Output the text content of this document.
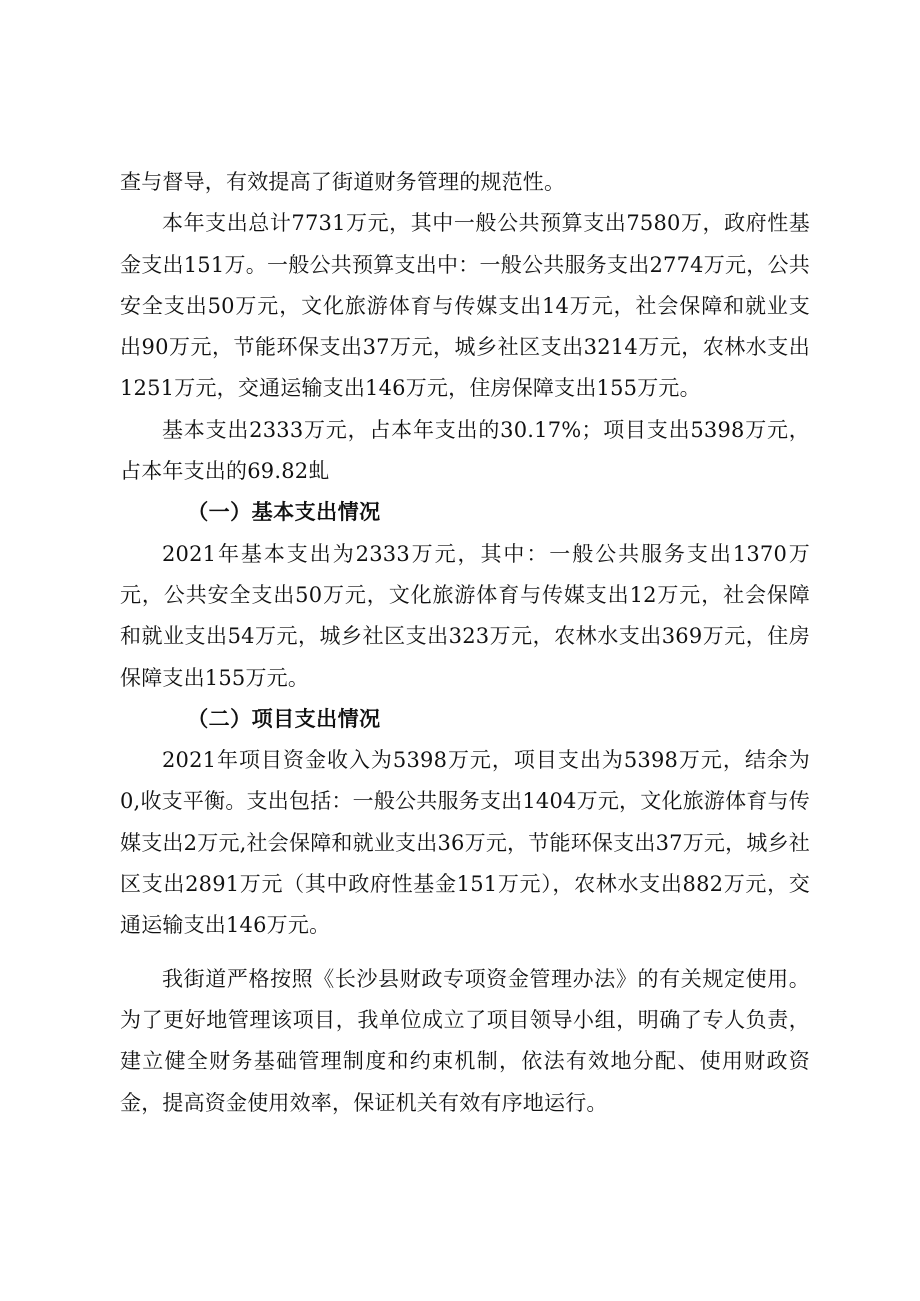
查与督导，有效提高了街道财务管理的规范性。

本年支出总计7731万元，其中一般公共预算支出7580万，政府性基金支出151万。一般公共预算支出中：一般公共服务支出2774万元，公共安全支出50万元，文化旅游体育与传媒支出14万元，社会保障和就业支出90万元，节能环保支出37万元，城乡社区支出3214万元，农林水支出1251万元，交通运输支出146万元，住房保障支出155万元。

基本支出2333万元，占本年支出的30.17%；项目支出5398万元，占本年支出的69.82虬

（一）基本支出情况

2021年基本支出为2333万元，其中：一般公共服务支出1370万元，公共安全支出50万元，文化旅游体育与传媒支出12万元，社会保障和就业支出54万元，城乡社区支出323万元，农林水支出369万元，住房保障支出155万元。

（二）项目支出情况

2021年项目资金收入为5398万元，项目支出为5398万元，结余为0,收支平衡。支出包括：一般公共服务支出1404万元，文化旅游体育与传媒支出2万元,社会保障和就业支出36万元，节能环保支出37万元，城乡社区支出2891万元（其中政府性基金151万元），农林水支出882万元，交通运输支出146万元。

我街道严格按照《长沙县财政专项资金管理办法》的有关规定使用。为了更好地管理该项目，我单位成立了项目领导小组，明确了专人负责，建立健全财务基础管理制度和约束机制，依法有效地分配、使用财政资金，提高资金使用效率，保证机关有效有序地运行。
